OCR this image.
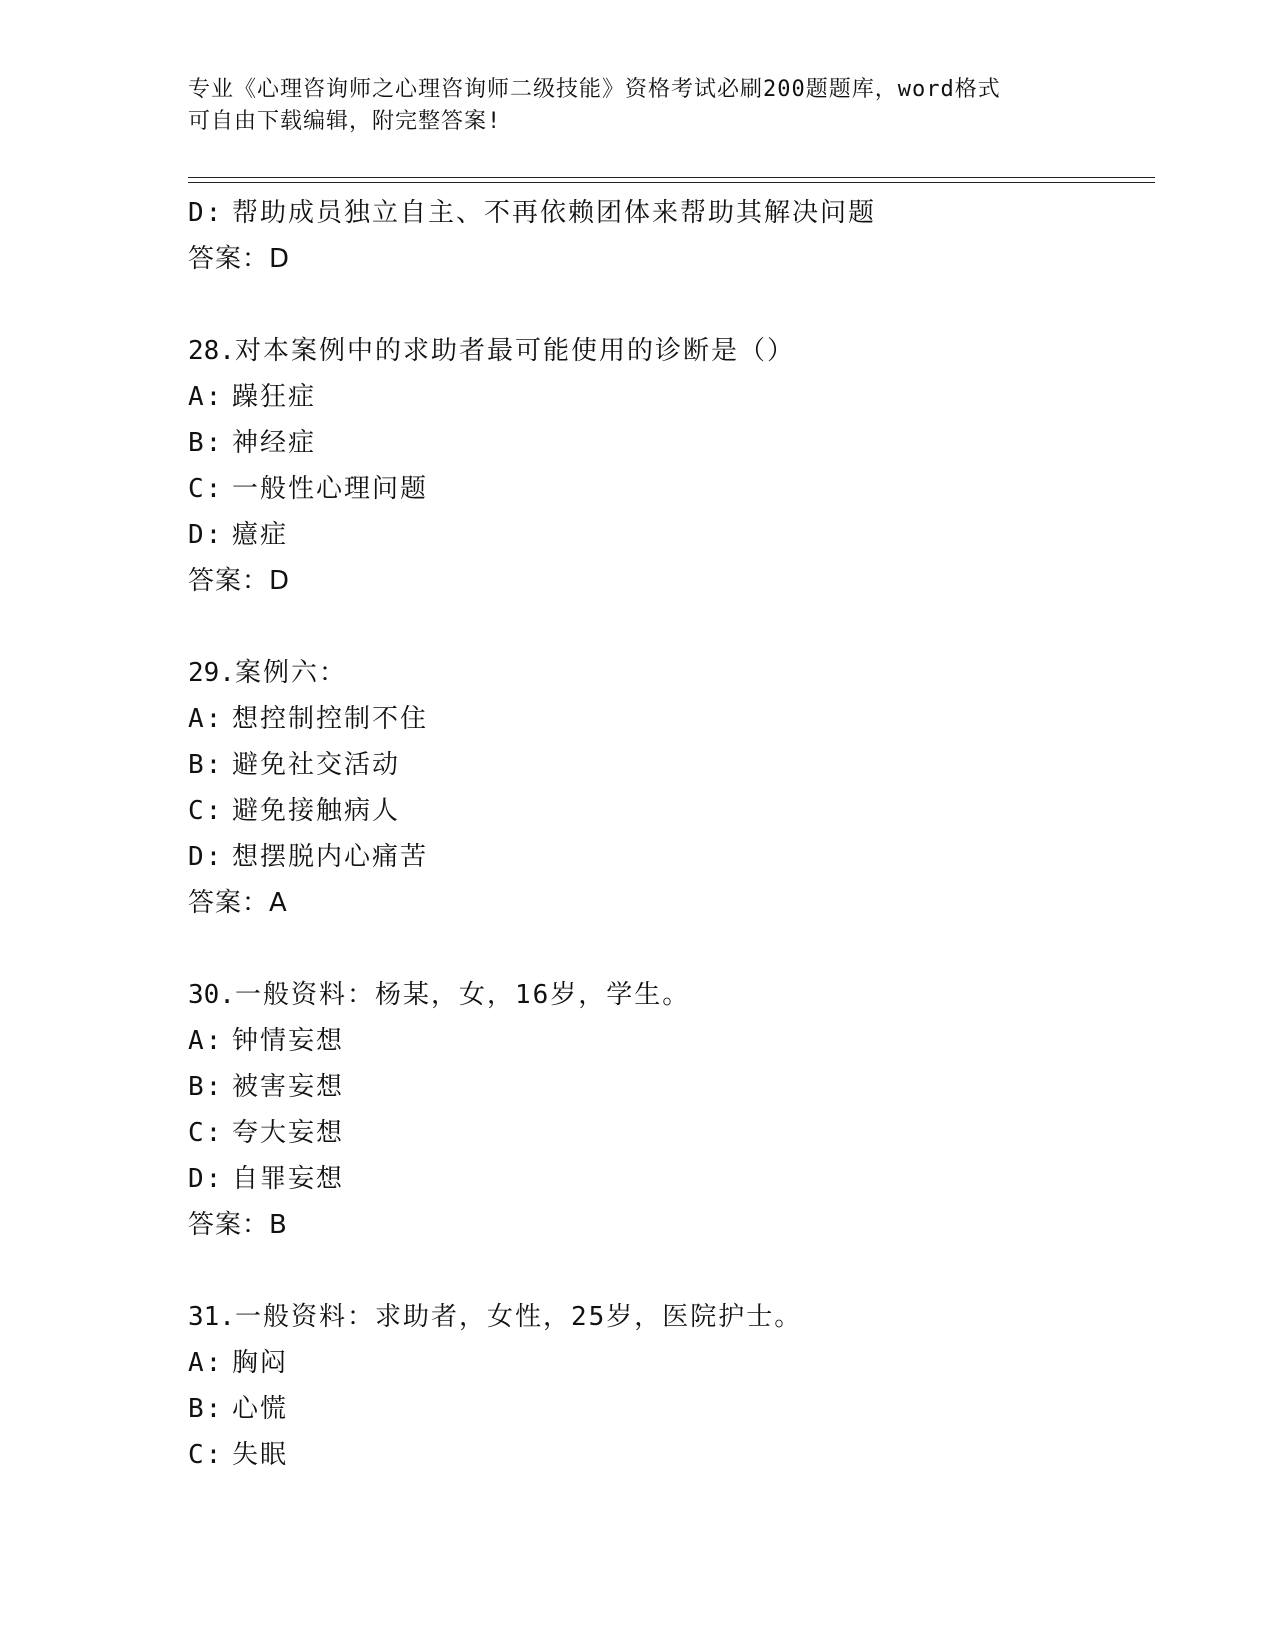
专业《心理咨询师之心理咨询师二级技能》资格考试必刷200题题库，word格式
可自由下载编辑，附完整答案!
D: 帮助成员独立自主、不再依赖团体来帮助其解决问题
答案：D
28.对本案例中的求助者最可能使用的诊断是（）
A: 躁狂症
B: 神经症
C: 一般性心理问题
D: 癔症
答案：D
29.案例六：
A: 想控制控制不住
B: 避免社交活动
C: 避免接触病人
D: 想摆脱内心痛苦
答案：A
30.一般资料：杨某，女，16岁，学生。
A: 钟情妄想
B: 被害妄想
C: 夸大妄想
D: 自罪妄想
答案：B
31.一般资料：求助者，女性，25岁，医院护士。
A: 胸闷
B: 心慌
C: 失眠
